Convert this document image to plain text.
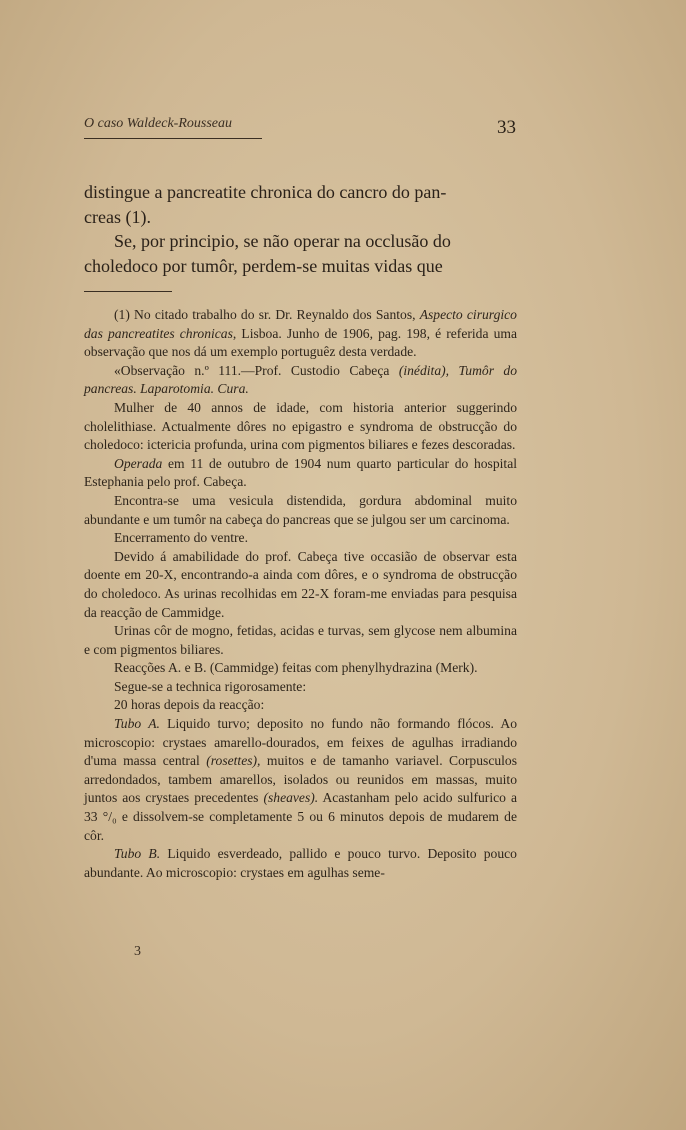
O caso Waldeck-Rousseau	33

distingue a pancreatite chronica do cancro do pan-

creas (1).

Se, por principio, se não operar na occlusão do

choledoco por tumôr, perdem-se muitas vidas que

(1) No citado trabalho do sr. Dr. Reynaldo dos Santos, Aspecto cirurgico das pancreatites chronicas, Lisboa. Junho de 1906, pag. 198, é referida uma observação que nos dá um exemplo portuguêz desta verdade.

«Observação n.º 111.—Prof. Custodio Cabeça (inédita), Tumôr do pancreas. Laparotomia. Cura.

Mulher de 40 annos de idade, com historia anterior suggerindo cholelithiase. Actualmente dôres no epigastro e syndroma de obstrucção do choledoco: ictericia profunda, urina com pigmentos biliares e fezes descoradas.

Operada em 11 de outubro de 1904 num quarto particular do hospital Estephania pelo prof. Cabeça.

Encontra-se uma vesicula distendida, gordura abdominal muito abundante e um tumôr na cabeça do pancreas que se julgou ser um carcinoma.

Encerramento do ventre.

Devido á amabilidade do prof. Cabeça tive occasião de observar esta doente em 20-X, encontrando-a ainda com dôres, e o syndroma de obstrucção do choledoco. As urinas recolhidas em 22-X foram-me enviadas para pesquisa da reacção de Cammidge.

Urinas côr de mogno, fetidas, acidas e turvas, sem glycose nem albumina e com pigmentos biliares.

Reacções A. e B. (Cammidge) feitas com phenylhydrazina (Merk).

Segue-se a technica rigorosamente:

20 horas depois da reacção:

Tubo A. Liquido turvo; deposito no fundo não formando flócos. Ao microscopio: crystaes amarello-dourados, em feixes de agulhas irradiando d'uma massa central (rosettes), muitos e de tamanho variavel. Corpusculos arredondados, tambem amarellos, isolados ou reunidos em massas, muito juntos aos crystaes precedentes (sheaves). Acastanham pelo acido sulfurico a 33 °/₀ e dissolvem-se completamente 5 ou 6 minutos depois de mudarem de côr.

Tubo B. Liquido esverdeado, pallido e pouco turvo. Deposito pouco abundante. Ao microscopio: crystaes em agulhas seme-

3
